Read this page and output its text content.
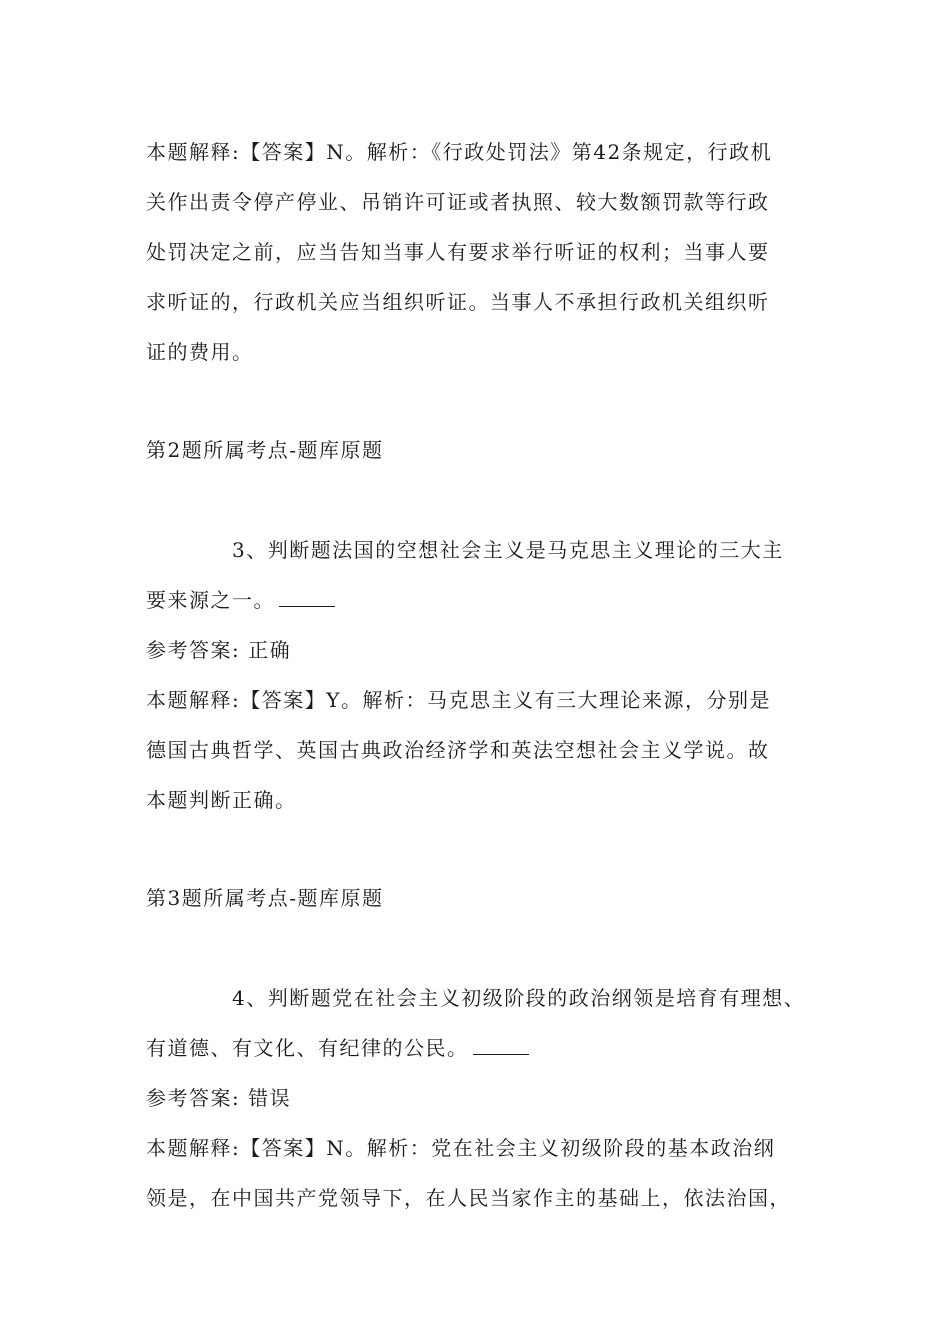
本题解释:【答案】N。解析：《行政处罚法》第42条规定，行政机
关作出责令停产停业、吊销许可证或者执照、较大数额罚款等行政
处罚决定之前，应当告知当事人有要求举行听证的权利；当事人要
求听证的，行政机关应当组织听证。当事人不承担行政机关组织听
证的费用。
第2题所属考点-题库原题
3、判断题法国的空想社会主义是马克思主义理论的三大主
要来源之一。
参考答案: 正确
本题解释:【答案】Y。解析：马克思主义有三大理论来源，分别是
德国古典哲学、英国古典政治经济学和英法空想社会主义学说。故
本题判断正确。
第3题所属考点-题库原题
4、判断题党在社会主义初级阶段的政治纲领是培育有理想、
有道德、有文化、有纪律的公民。
参考答案: 错误
本题解释:【答案】N。解析：党在社会主义初级阶段的基本政治纲
领是，在中国共产党领导下，在人民当家作主的基础上，依法治国，
